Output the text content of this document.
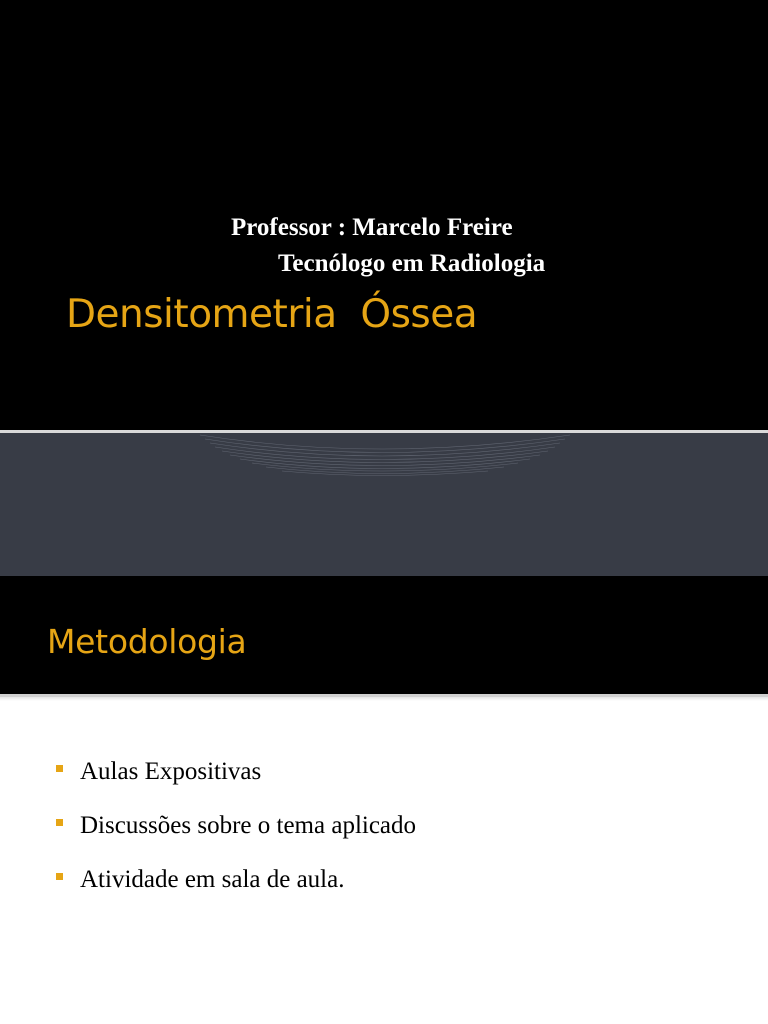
Professor : Marcelo Freire
Tecnólogo em Radiologia
Densitometria  Óssea
Metodologia
Aulas Expositivas
Discussões sobre o tema aplicado
Atividade em sala de aula.
